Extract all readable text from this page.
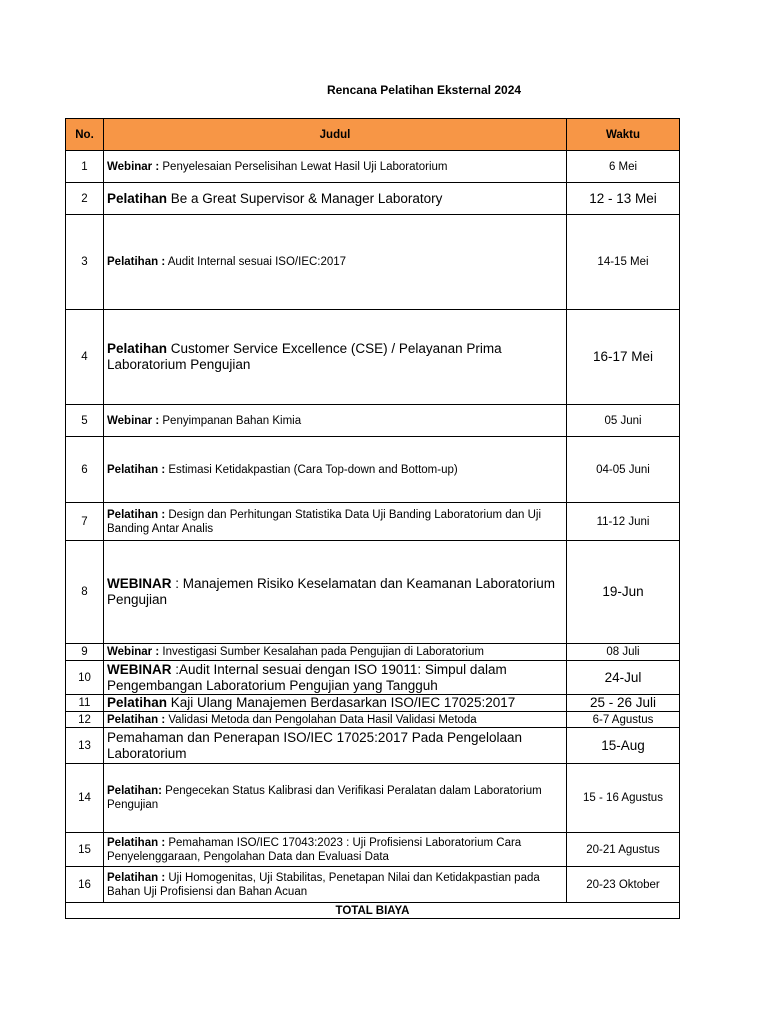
Rencana Pelatihan Eksternal 2024
No.	Judul	Waktu
1	Webinar : Penyelesaian Perselisihan Lewat Hasil Uji Laboratorium	6 Mei
2	Pelatihan Be a Great Supervisor & Manager Laboratory	12 - 13 Mei
3	Pelatihan : Audit Internal sesuai ISO/IEC:2017	14-15 Mei
4	Pelatihan Customer Service Excellence (CSE) / Pelayanan Prima Laboratorium Pengujian	16-17 Mei
5	Webinar : Penyimpanan Bahan Kimia	05 Juni
6	Pelatihan : Estimasi Ketidakpastian (Cara Top-down and Bottom-up)	04-05 Juni
7	Pelatihan : Design dan Perhitungan Statistika Data Uji Banding Laboratorium dan Uji Banding Antar Analis	11-12 Juni
8	WEBINAR : Manajemen Risiko Keselamatan dan Keamanan Laboratorium Pengujian	19-Jun
9	Webinar : Investigasi Sumber Kesalahan pada Pengujian di Laboratorium	08 Juli
10	WEBINAR :Audit Internal sesuai dengan ISO 19011: Simpul dalam Pengembangan Laboratorium Pengujian yang Tangguh	24-Jul
11	Pelatihan Kaji Ulang Manajemen Berdasarkan ISO/IEC 17025:2017	25 - 26 Juli
12	Pelatihan : Validasi Metoda dan Pengolahan Data Hasil Validasi Metoda	6-7 Agustus
13	Pemahaman dan Penerapan ISO/IEC 17025:2017 Pada Pengelolaan Laboratorium	15-Aug
14	Pelatihan: Pengecekan Status Kalibrasi dan Verifikasi Peralatan dalam Laboratorium Pengujian	15 - 16 Agustus
15	Pelatihan : Pemahaman ISO/IEC 17043:2023 : Uji Profisiensi Laboratorium Cara Penyelenggaraan, Pengolahan Data dan Evaluasi Data	20-21 Agustus
16	Pelatihan : Uji Homogenitas, Uji Stabilitas, Penetapan Nilai dan Ketidakpastian pada Bahan Uji Profisiensi dan Bahan Acuan	20-23 Oktober
TOTAL BIAYA		
